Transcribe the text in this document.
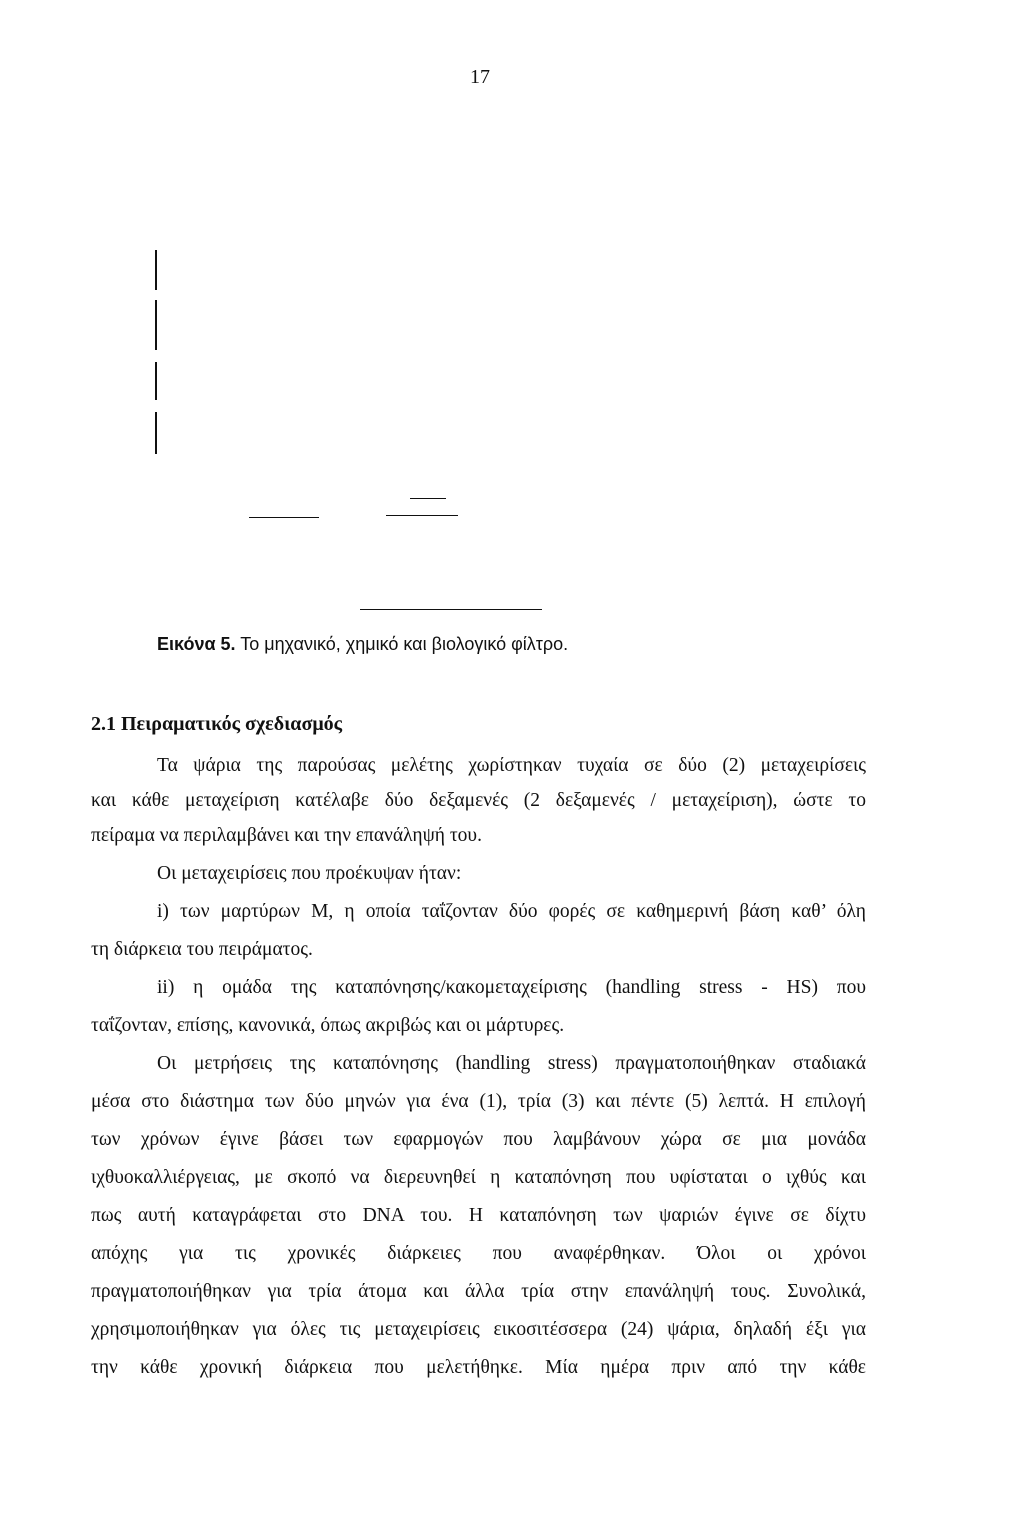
17
Εικόνα 5. Το μηχανικό, χημικό και βιολογικό φίλτρο.
2.1 Πειραματικός σχεδιασμός
Τα ψάρια της παρούσας μελέτης χωρίστηκαν τυχαία σε δύο (2) μεταχειρίσεις
και κάθε μεταχείριση κατέλαβε δύο δεξαμενές (2 δεξαμενές / μεταχείριση), ώστε το
πείραμα να περιλαμβάνει και την επανάληψή του.
Οι μεταχειρίσεις που προέκυψαν ήταν:
i) των μαρτύρων Μ, η οποία ταΐζονταν δύο φορές σε καθημερινή βάση καθ’ όλη
τη διάρκεια του πειράματος.
ii) η ομάδα της καταπόνησης/κακομεταχείρισης (handling stress - HS) που
ταΐζονταν, επίσης, κανονικά, όπως ακριβώς και οι μάρτυρες.
Οι μετρήσεις της καταπόνησης (handling stress) πραγματοποιήθηκαν σταδιακά
μέσα στο διάστημα των δύο μηνών για ένα (1), τρία (3) και πέντε (5) λεπτά. Η επιλογή
των χρόνων έγινε βάσει των εφαρμογών που λαμβάνουν χώρα σε μια μονάδα
ιχθυοκαλλιέργειας, με σκοπό να διερευνηθεί η καταπόνηση που υφίσταται ο ιχθύς και
πως αυτή καταγράφεται στο DNA του. Η καταπόνηση των ψαριών έγινε σε δίχτυ
απόχης για τις χρονικές διάρκειες που αναφέρθηκαν. Όλοι οι χρόνοι
πραγματοποιήθηκαν για τρία άτομα και άλλα τρία στην επανάληψή τους. Συνολικά,
χρησιμοποιήθηκαν για όλες τις μεταχειρίσεις εικοσιτέσσερα (24) ψάρια, δηλαδή έξι για
την κάθε χρονική διάρκεια που μελετήθηκε. Μία ημέρα πριν από την κάθε
